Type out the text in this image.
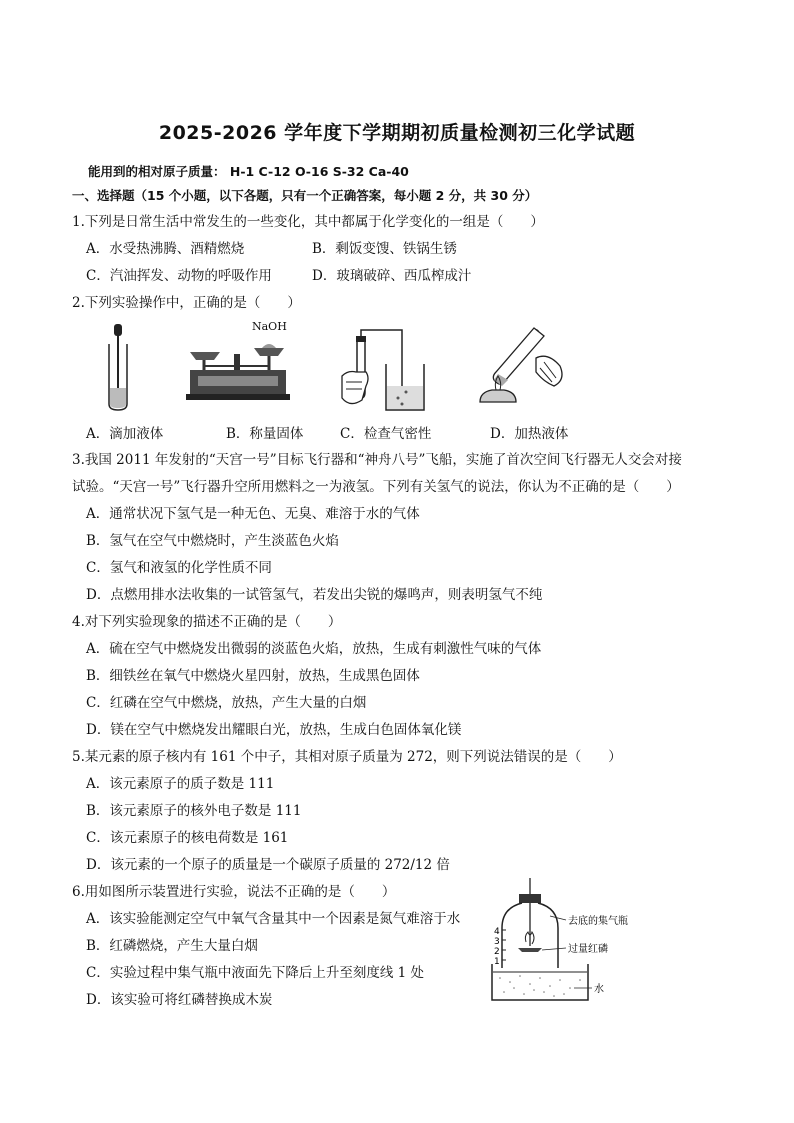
2025-2026 学年度下学期期初质量检测初三化学试题
能用到的相对原子质量： H-1 C-12 O-16 S-32 Ca-40
一、选择题（15 个小题，以下各题，只有一个正确答案，每小题 2 分，共 30 分）
1.下列是日常生活中常发生的一些变化，其中都属于化学变化的一组是（　　）
A．水受热沸腾、酒精燃烧	B．剩饭变馊、铁锅生锈
C．汽油挥发、动物的呼吸作用	D．玻璃破碎、西瓜榨成汁
2.下列实验操作中，正确的是（　　）
NaOH
A．滴加液体	B．称量固体	C．检查气密性	D．加热液体
3.我国 2011 年发射的“天宫一号”目标飞行器和“神舟八号”飞船，实施了首次空间飞行器无人交会对接
试验。“天宫一号”飞行器升空所用燃料之一为液氢。下列有关氢气的说法，你认为不正确的是（　　）
A．通常状况下氢气是一种无色、无臭、难溶于水的气体
B．氢气在空气中燃烧时，产生淡蓝色火焰
C．氢气和液氢的化学性质不同
D．点燃用排水法收集的一试管氢气，若发出尖锐的爆鸣声，则表明氢气不纯
4.对下列实验现象的描述不正确的是（　　）
A．硫在空气中燃烧发出微弱的淡蓝色火焰，放热，生成有刺激性气味的气体
B．细铁丝在氧气中燃烧火星四射，放热，生成黑色固体
C．红磷在空气中燃烧，放热，产生大量的白烟
D．镁在空气中燃烧发出耀眼白光，放热，生成白色固体氧化镁
5.某元素的原子核内有 161 个中子，其相对原子质量为 272，则下列说法错误的是（　　）
A．该元素原子的质子数是 111
B．该元素原子的核外电子数是 111
C．该元素原子的核电荷数是 161
D．该元素的一个原子的质量是一个碳原子质量的 272/12 倍
6.用如图所示装置进行实验，说法不正确的是（　　）
A．该实验能测定空气中氧气含量其中一个因素是氮气难溶于水
B．红磷燃烧，产生大量白烟
C．实验过程中集气瓶中液面先下降后上升至刻度线 1 处
D．该实验可将红磷替换成木炭
4
3
2
1
去底的集气瓶
过量红磷
水
